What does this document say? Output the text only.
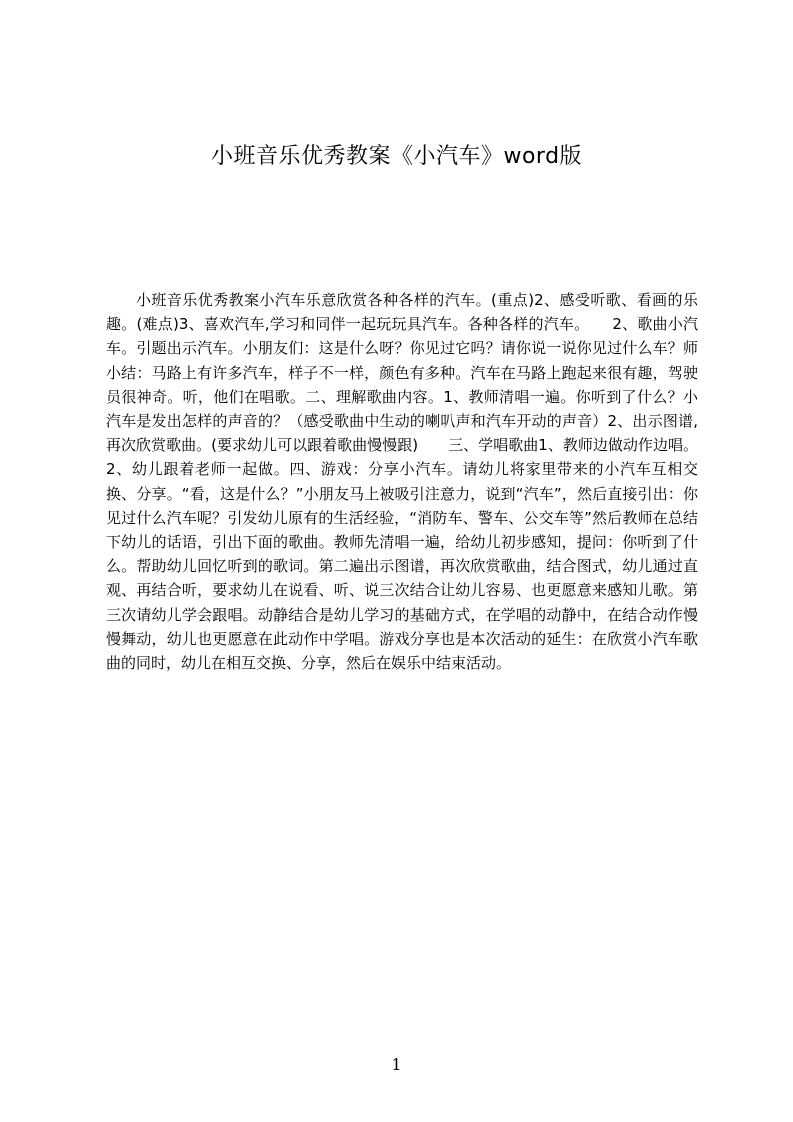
小班音乐优秀教案《小汽车》word版

小班音乐优秀教案小汽车乐意欣赏各种各样的汽车。(重点)2、感受听歌、看画的乐趣。(难点)3、喜欢汽车,学习和同伴一起玩玩具汽车。各种各样的汽车。　　2、歌曲小汽车。引题出示汽车。小朋友们：这是什么呀？你见过它吗？请你说一说你见过什么车？师小结：马路上有许多汽车，样子不一样，颜色有多种。汽车在马路上跑起来很有趣，驾驶员很神奇。听，他们在唱歌。二、理解歌曲内容。1、教师清唱一遍。你听到了什么？小汽车是发出怎样的声音的？（感受歌曲中生动的喇叭声和汽车开动的声音）2、出示图谱,再次欣赏歌曲。(要求幼儿可以跟着歌曲慢慢跟)　　三、学唱歌曲1、教师边做动作边唱。2、幼儿跟着老师一起做。四、游戏：分享小汽车。请幼儿将家里带来的小汽车互相交换、分享。“看，这是什么？”小朋友马上被吸引注意力，说到“汽车”，然后直接引出：你见过什么汽车呢？引发幼儿原有的生活经验，“消防车、警车、公交车等”然后教师在总结下幼儿的话语，引出下面的歌曲。教师先清唱一遍，给幼儿初步感知，提问：你听到了什么。帮助幼儿回忆听到的歌词。第二遍出示图谱，再次欣赏歌曲，结合图式，幼儿通过直观、再结合听，要求幼儿在说看、听、说三次结合让幼儿容易、也更愿意来感知儿歌。第三次请幼儿学会跟唱。动静结合是幼儿学习的基础方式，在学唱的动静中，在结合动作慢慢舞动，幼儿也更愿意在此动作中学唱。游戏分享也是本次活动的延生：在欣赏小汽车歌曲的同时，幼儿在相互交换、分享，然后在娱乐中结束活动。

1
